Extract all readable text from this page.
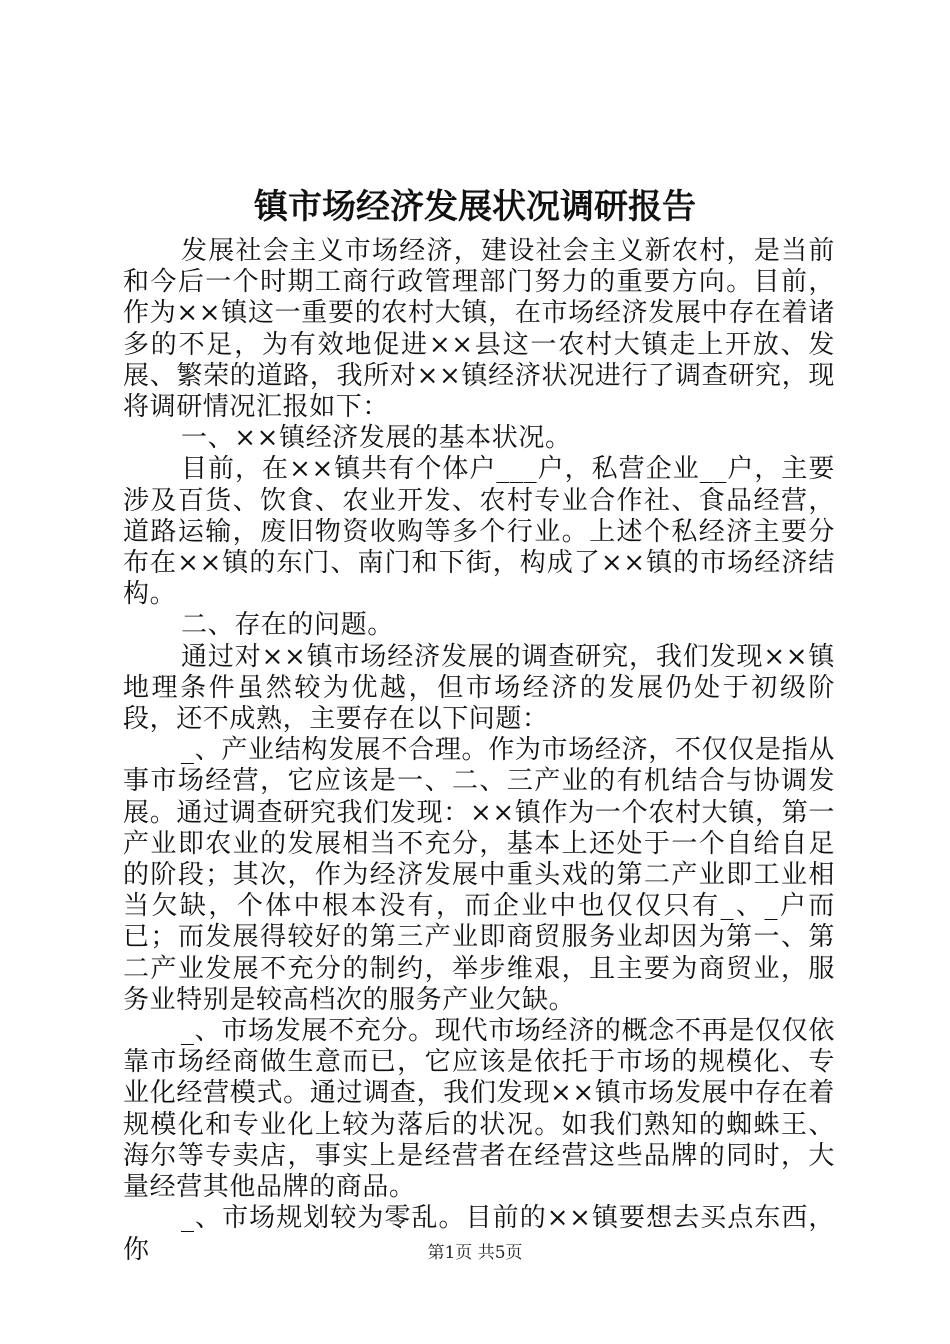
镇市场经济发展状况调研报告

发展社会主义市场经济，建设社会主义新农村，是当前和今后一个时期工商行政管理部门努力的重要方向。目前，作为××镇这一重要的农村大镇，在市场经济发展中存在着诸多的不足，为有效地促进××县这一农村大镇走上开放、发展、繁荣的道路，我所对××镇经济状况进行了调查研究，现将调研情况汇报如下：

一、××镇经济发展的基本状况。

目前，在××镇共有个体户___户，私营企业__户，主要涉及百货、饮食、农业开发、农村专业合作社、食品经营，道路运输，废旧物资收购等多个行业。上述个私经济主要分布在××镇的东门、南门和下街，构成了××镇的市场经济结构。

二、存在的问题。

通过对××镇市场经济发展的调查研究，我们发现××镇地理条件虽然较为优越，但市场经济的发展仍处于初级阶段，还不成熟，主要存在以下问题：

_、产业结构发展不合理。作为市场经济，不仅仅是指从事市场经营，它应该是一、二、三产业的有机结合与协调发展。通过调查研究我们发现：××镇作为一个农村大镇，第一产业即农业的发展相当不充分，基本上还处于一个自给自足的阶段；其次，作为经济发展中重头戏的第二产业即工业相当欠缺，个体中根本没有，而企业中也仅仅只有_、_户而已；而发展得较好的第三产业即商贸服务业却因为第一、第二产业发展不充分的制约，举步维艰，且主要为商贸业，服务业特别是较高档次的服务产业欠缺。

_、市场发展不充分。现代市场经济的概念不再是仅仅依靠市场经商做生意而已，它应该是依托于市场的规模化、专业化经营模式。通过调查，我们发现××镇市场发展中存在着规模化和专业化上较为落后的状况。如我们熟知的蜘蛛王、海尔等专卖店，事实上是经营者在经营这些品牌的同时，大量经营其他品牌的商品。

_、市场规划较为零乱。目前的××镇要想去买点东西，你	第1页 共5页
